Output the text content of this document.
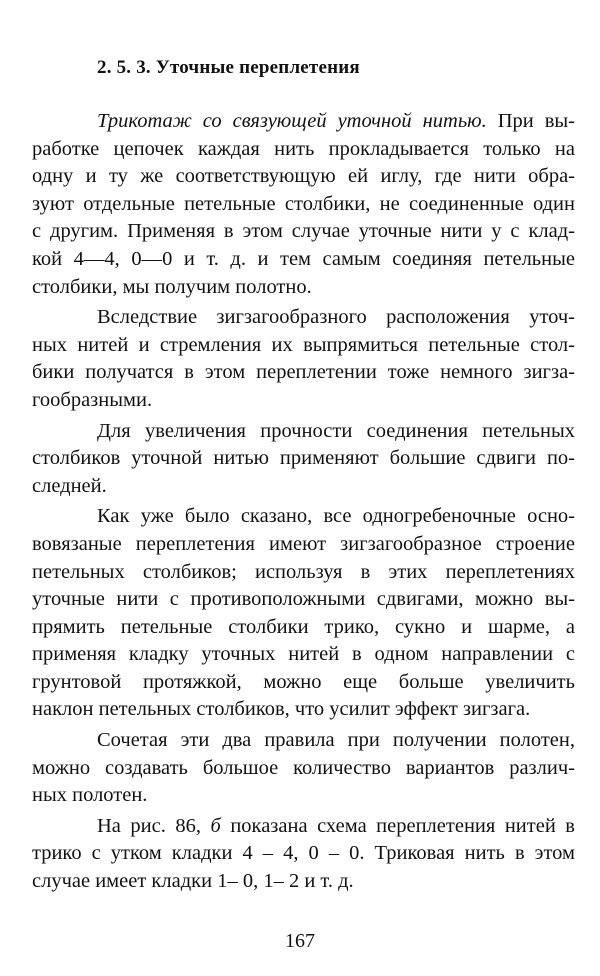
2. 5. 3. Уточные переплетения

Трикотаж со связующей уточной нитью. При вы-
работке цепочек каждая нить прокладывается только на
одну и ту же соответствующую ей иглу, где нити обра-
зуют отдельные петельные столбики, не соединенные один
с другим. Применяя в этом случае уточные нити у с клад-
кой 4—4, 0—0 и т. д. и тем самым соединяя петельные
столбики, мы получим полотно.

Вследствие зигзагообразного расположения уточ-
ных нитей и стремления их выпрямиться петельные стол-
бики получатся в этом переплетении тоже немного зигза-
гообразными.

Для увеличения прочности соединения петельных
столбиков уточной нитью применяют большие сдвиги по-
следней.

Как уже было сказано, все одногребеночные осно-
вовязаные переплетения имеют зигзагообразное строение
петельных столбиков; используя в этих переплетениях
уточные нити с противоположными сдвигами, можно вы-
прямить петельные столбики трико, сукно и шарме, а
применяя кладку уточных нитей в одном направлении с
грунтовой протяжкой, можно еще больше увеличить
наклон петельных столбиков, что усилит эффект зигзага.

Сочетая эти два правила при получении полотен,
можно создавать большое количество вариантов различ-
ных полотен.

На рис. 86, б показана схема переплетения нитей в
трико с утком кладки 4 – 4, 0 – 0. Триковая нить в этом
случае имеет кладки 1– 0, 1– 2 и т. д.

167
